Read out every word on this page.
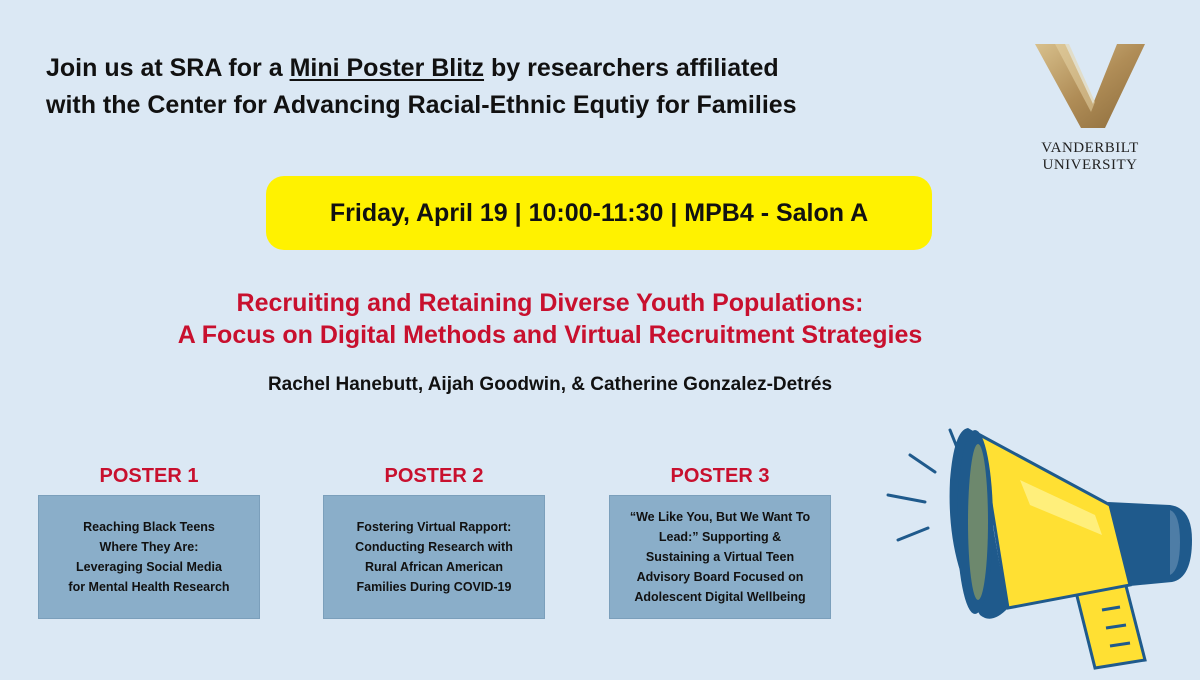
Join us at SRA for a Mini Poster Blitz by researchers affiliated
with the Center for Advancing Racial-Ethnic Equtiy for Families
VANDERBILT
UNIVERSITY
Friday, April 19 | 10:00-11:30 | MPB4 - Salon A
Recruiting and Retaining Diverse Youth Populations:
A Focus on Digital Methods and Virtual Recruitment Strategies
Rachel Hanebutt, Aijah Goodwin, & Catherine Gonzalez-Detrés
POSTER 1
Reaching Black Teens
Where They Are:
Leveraging Social Media
for Mental Health Research
POSTER 2
Fostering Virtual Rapport:
Conducting Research with
Rural African American
Families During COVID-19
POSTER 3
“We Like You, But We Want To
Lead:” Supporting &
Sustaining a Virtual Teen
Advisory Board Focused on
Adolescent Digital Wellbeing
